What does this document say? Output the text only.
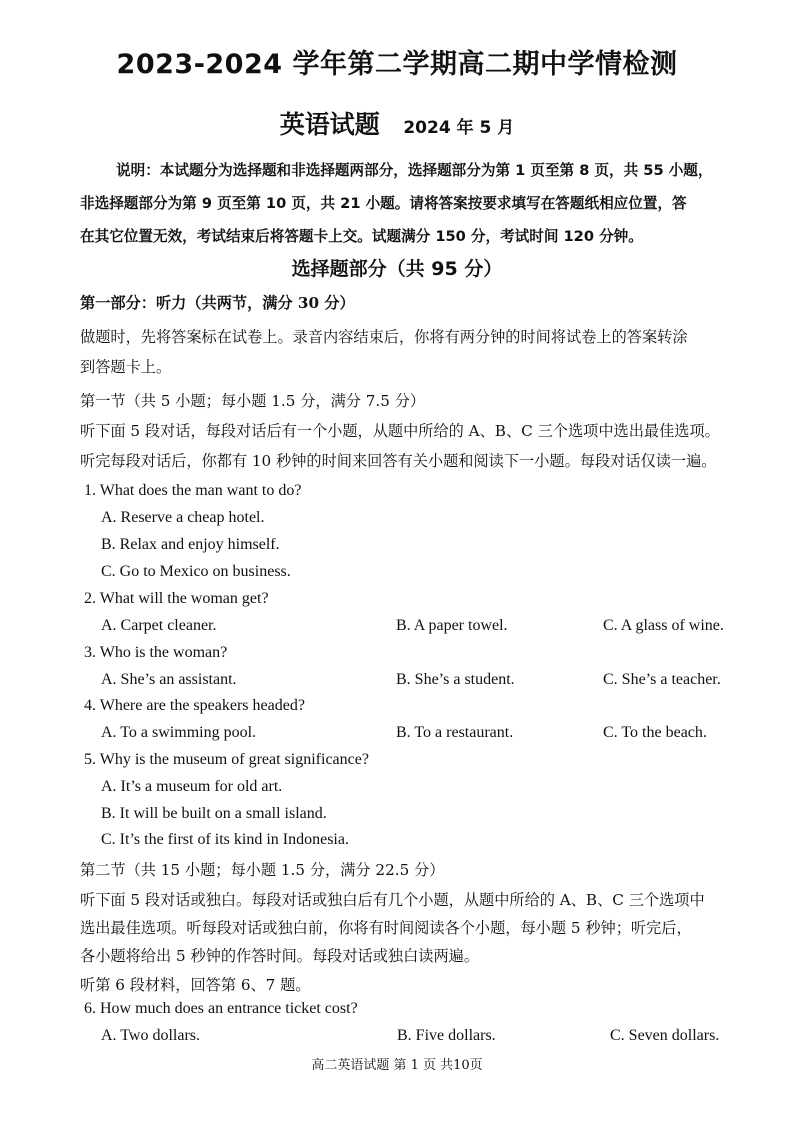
2023-2024 学年第二学期高二期中学情检测
英语试题 2024 年 5 月
说明：本试题分为选择题和非选择题两部分，选择题部分为第 1 页至第 8 页，共 55 小题，
非选择题部分为第 9 页至第 10 页，共 21 小题。请将答案按要求填写在答题纸相应位置，答
在其它位置无效，考试结束后将答题卡上交。试题满分 150 分，考试时间 120 分钟。
选择题部分（共 95 分）
第一部分：听力（共两节，满分 30 分）
做题时，先将答案标在试卷上。录音内容结束后，你将有两分钟的时间将试卷上的答案转涂
到答题卡上。
第一节（共 5 小题；每小题 1.5 分，满分 7.5 分）
听下面 5 段对话，每段对话后有一个小题，从题中所给的 A、B、C 三个选项中选出最佳选项。
听完每段对话后，你都有 10 秒钟的时间来回答有关小题和阅读下一小题。每段对话仅读一遍。
1. What does the man want to do?
A. Reserve a cheap hotel.
B. Relax and enjoy himself.
C. Go to Mexico on business.
2. What will the woman get?
A. Carpet cleaner.	B. A paper towel.	C. A glass of wine.
3. Who is the woman?
A. She’s an assistant.	B. She’s a student.	C. She’s a teacher.
4. Where are the speakers headed?
A. To a swimming pool.	B. To a restaurant.	C. To the beach.
5. Why is the museum of great significance?
A. It’s a museum for old art.
B. It will be built on a small island.
C. It’s the first of its kind in Indonesia.
第二节（共 15 小题；每小题 1.5 分，满分 22.5 分）
听下面 5 段对话或独白。每段对话或独白后有几个小题，从题中所给的 A、B、C 三个选项中
选出最佳选项。听每段对话或独白前，你将有时间阅读各个小题，每小题 5 秒钟；听完后，
各小题将给出 5 秒钟的作答时间。每段对话或独白读两遍。
听第 6 段材料，回答第 6、7 题。
6. How much does an entrance ticket cost?
A. Two dollars.	B. Five dollars.	C. Seven dollars.
高二英语试题 第 1 页 共10页
